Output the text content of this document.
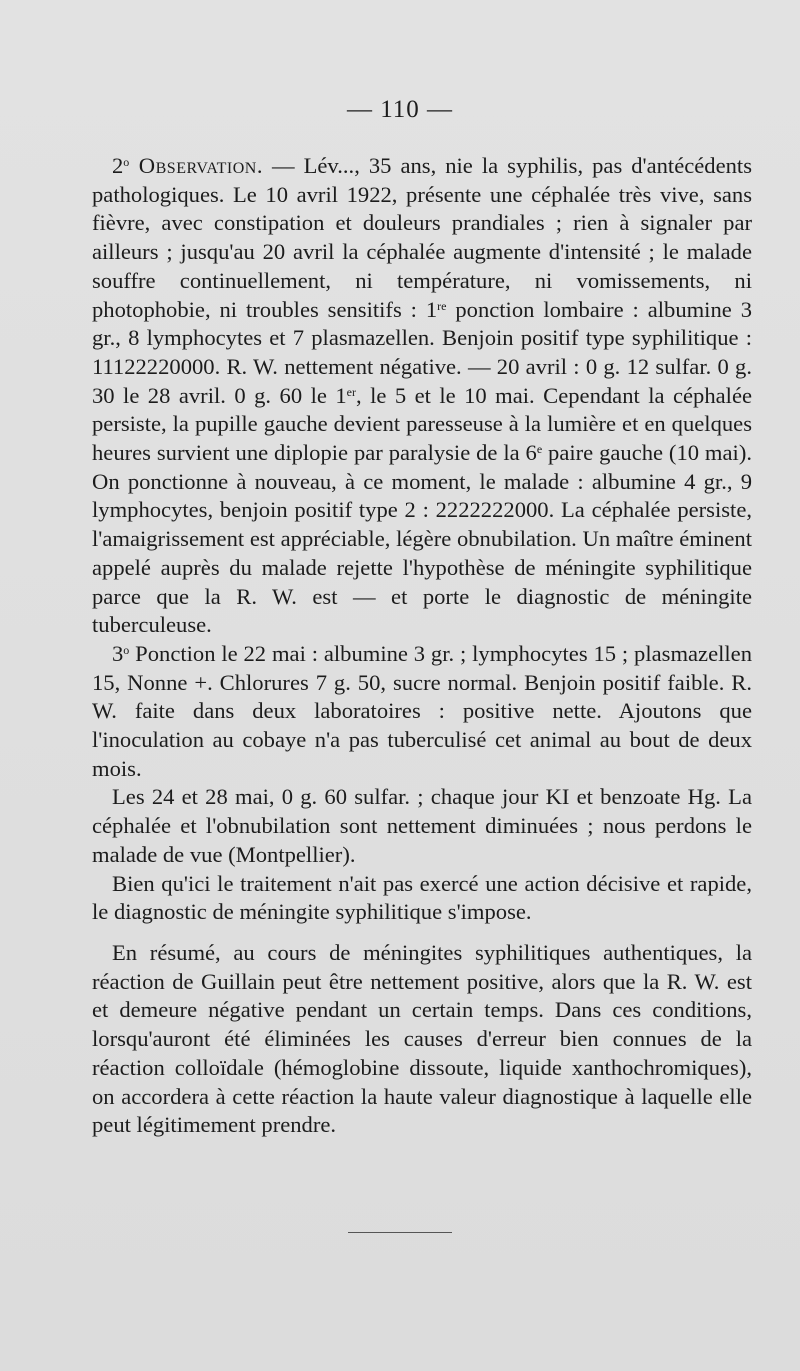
— 110 —

2$^o$ Observation. — Lév..., 35 ans, nie la syphilis, pas d'antécédents pathologiques. Le 10 avril 1922, présente une céphalée très vive, sans fièvre, avec constipation et douleurs prandiales ; rien à signaler par ailleurs ; jusqu'au 20 avril la céphalée augmente d'intensité ; le malade souffre continuellement, ni température, ni vomissements, ni photophobie, ni troubles sensitifs : 1re ponction lombaire : albumine 3 gr., 8 lymphocytes et 7 plasmazellen. Benjoin positif type syphilitique : 11122220000. R. W. nettement négative. — 20 avril : 0 g. 12 sulfar. 0 g. 30 le 28 avril. 0 g. 60 le 1er, le 5 et le 10 mai. Cependant la céphalée persiste, la pupille gauche devient paresseuse à la lumière et en quelques heures survient une diplopie par paralysie de la 6e paire gauche (10 mai). On ponctionne à nouveau, à ce moment, le malade : albumine 4 gr., 9 lymphocytes, benjoin positif type 2 : 2222222000. La céphalée persiste, l'amaigrissement est appréciable, légère obnubilation. Un maître éminent appelé auprès du malade rejette l'hypothèse de méningite syphilitique parce que la R. W. est — et porte le diagnostic de méningite tuberculeuse.

3$^o$ Ponction le 22 mai : albumine 3 gr. ; lymphocytes 15 ; plasmazellen 15, Nonne +. Chlorures 7 g. 50, sucre normal. Benjoin positif faible. R. W. faite dans deux laboratoires : positive nette. Ajoutons que l'inoculation au cobaye n'a pas tuberculisé cet animal au bout de deux mois.

Les 24 et 28 mai, 0 g. 60 sulfar. ; chaque jour KI et benzoate Hg. La céphalée et l'obnubilation sont nettement diminuées ; nous perdons le malade de vue (Montpellier).

Bien qu'ici le traitement n'ait pas exercé une action décisive et rapide, le diagnostic de méningite syphilitique s'impose.

En résumé, au cours de méningites syphilitiques authentiques, la réaction de Guillain peut être nettement positive, alors que la R. W. est et demeure négative pendant un certain temps. Dans ces conditions, lorsqu'auront été éliminées les causes d'erreur bien connues de la réaction colloïdale (hémoglobine dissoute, liquide xanthochromiques), on accordera à cette réaction la haute valeur diagnostique à laquelle elle peut légitimement prendre.
